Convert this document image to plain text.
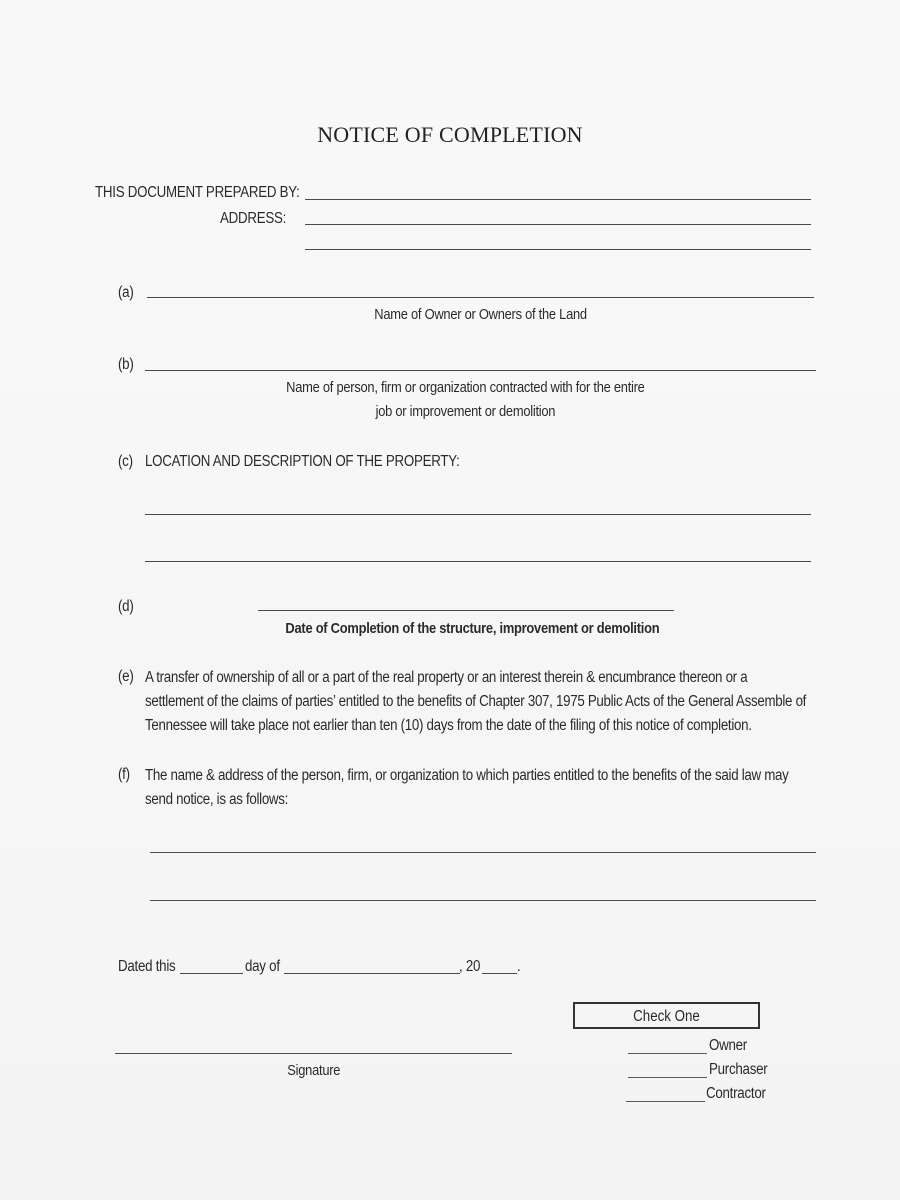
NOTICE OF COMPLETION
THIS DOCUMENT PREPARED BY:
ADDRESS:
(a)
Name of Owner or Owners of the Land
(b)
Name of person, firm or organization contracted with for the entire
job or improvement or demolition
(c) LOCATION AND DESCRIPTION OF THE PROPERTY:
(d)
Date of Completion of the structure, improvement or demolition
(e) A transfer of ownership of all or a part of the real property or an interest therein & encumbrance thereon or a
settlement of the claims of parties’ entitled to the benefits of Chapter 307, 1975 Public Acts of the General Assemble of
Tennessee will take place not earlier than ten (10) days from the date of the filing of this notice of completion.
(f) The name & address of the person, firm, or organization to which parties entitled to the benefits of the said law may
send notice, is as follows:
Dated this	day of	, 20 .
Signature
Check One
Owner
Purchaser
Contractor
